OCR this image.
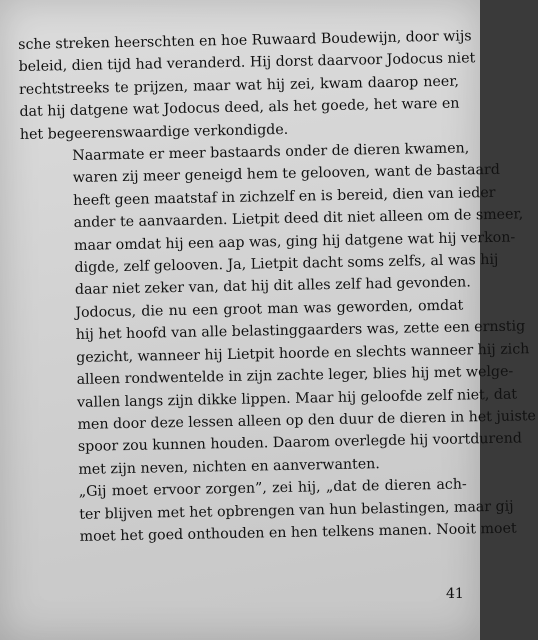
sche streken heerschten en hoe Ruwaard Boudewijn, door wijs
beleid, dien tijd had veranderd. Hij dorst daarvoor Jodocus niet
rechtstreeks te prijzen, maar wat hij zei, kwam daarop neer,
dat hij datgene wat Jodocus deed, als het goede, het ware en
het begeerenswaardige verkondigde.

Naarmate er meer bastaards onder de dieren kwamen,
waren zij meer geneigd hem te gelooven, want de bastaard
heeft geen maatstaf in zichzelf en is bereid, dien van ieder
ander te aanvaarden. Lietpit deed dit niet alleen om de smeer,
maar omdat hij een aap was, ging hij datgene wat hij verkon-
digde, zelf gelooven. Ja, Lietpit dacht soms zelfs, al was hij
daar niet zeker van, dat hij dit alles zelf had gevonden.

Jodocus, die nu een groot man was geworden, omdat
hij het hoofd van alle belastinggaarders was, zette een ernstig
gezicht, wanneer hij Lietpit hoorde en slechts wanneer hij zich
alleen rondwentelde in zijn zachte leger, blies hij met welge-
vallen langs zijn dikke lippen. Maar hij geloofde zelf niet, dat
men door deze lessen alleen op den duur de dieren in het juiste
spoor zou kunnen houden. Daarom overlegde hij voortdurend
met zijn neven, nichten en aanverwanten.

„Gij moet ervoor zorgen”, zei hij, „dat de dieren ach-
ter blijven met het opbrengen van hun belastingen, maar gij
moet het goed onthouden en hen telkens manen. Nooit moet

41
